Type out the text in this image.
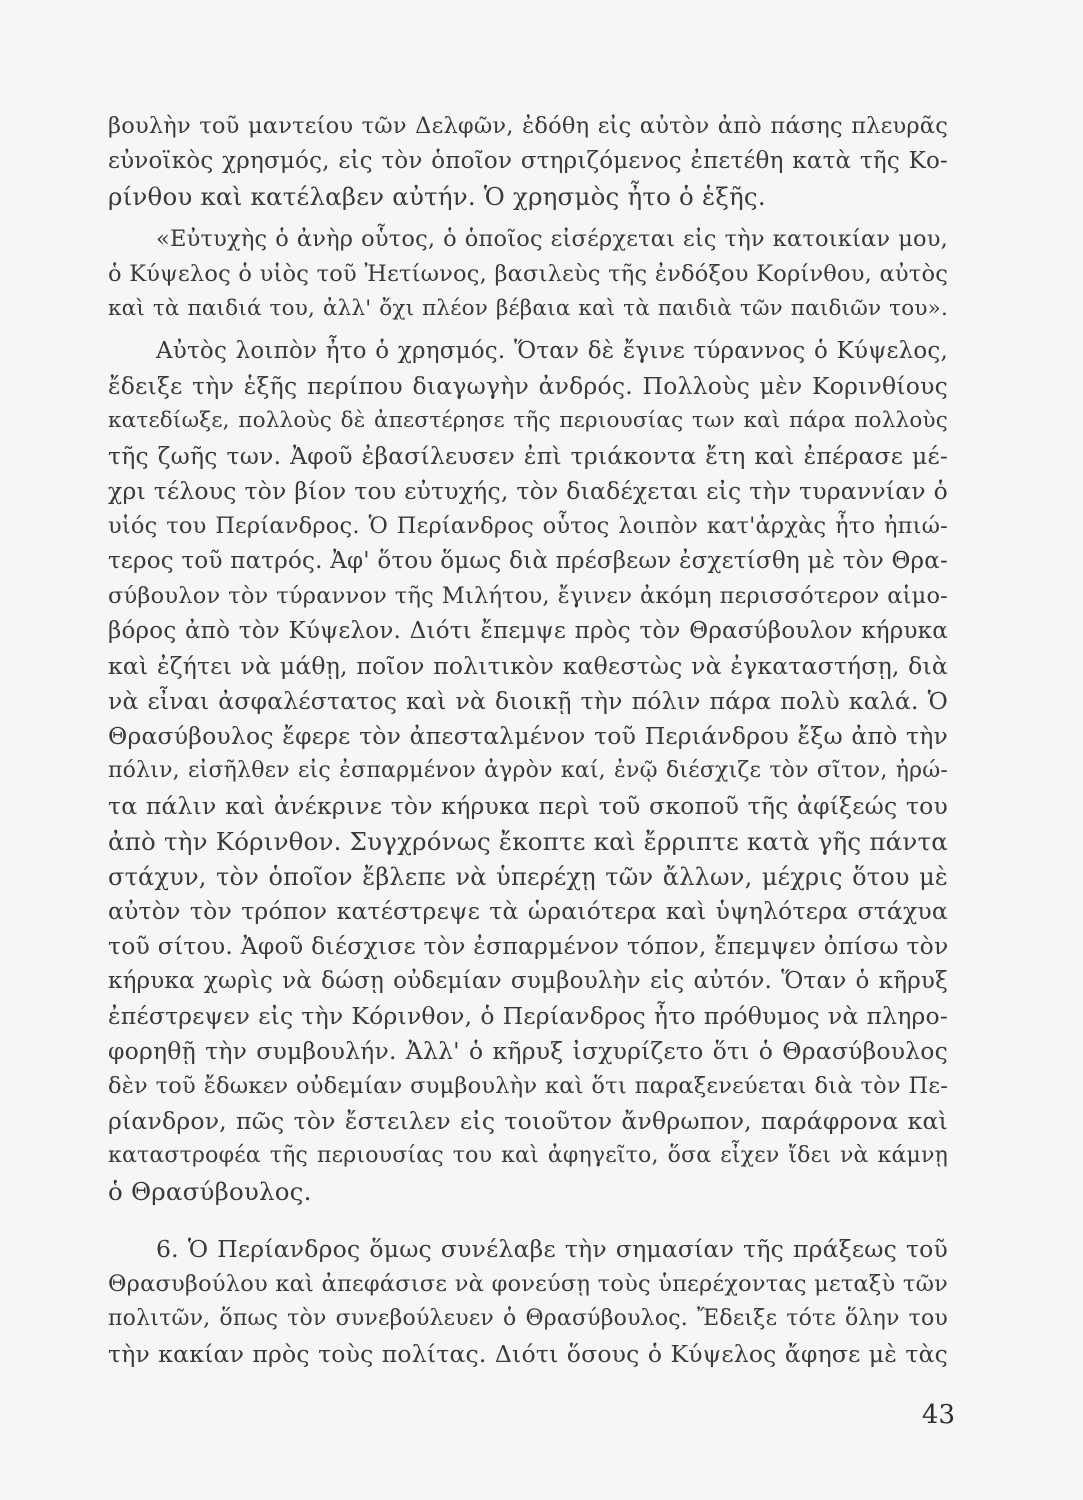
βουλὴν τοῦ μαντείου τῶν Δελφῶν, ἐδόθη εἰς αὐτὸν ἀπὸ πάσης πλευρᾶς
εὐνοϊκὸς χρησμός, εἰς τὸν ὁποῖον στηριζόμενος ἐπετέθη κατὰ τῆς Κο-
ρίνθου καὶ κατέλαβεν αὐτήν. Ὁ χρησμὸς ἦτο ὁ ἑξῆς.
«Εὐτυχὴς ὁ ἀνὴρ οὗτος, ὁ ὁποῖος εἰσέρχεται εἰς τὴν κατοικίαν μου,
ὁ Κύψελος ὁ υἱὸς τοῦ Ἠετίωνος, βασιλεὺς τῆς ἐνδόξου Κορίνθου, αὐτὸς
καὶ τὰ παιδιά του, ἀλλ' ὄχι πλέον βέβαια καὶ τὰ παιδιὰ τῶν παιδιῶν του».
Αὐτὸς λοιπὸν ἦτο ὁ χρησμός. Ὅταν δὲ ἔγινε τύραννος ὁ Κύψελος,
ἔδειξε τὴν ἑξῆς περίπου διαγωγὴν ἀνδρός. Πολλοὺς μὲν Κορινθίους
κατεδίωξε, πολλοὺς δὲ ἀπεστέρησε τῆς περιουσίας των καὶ πάρα πολλοὺς
τῆς ζωῆς των. Ἀφοῦ ἐβασίλευσεν ἐπὶ τριάκοντα ἔτη καὶ ἐπέρασε μέ-
χρι τέλους τὸν βίον του εὐτυχής, τὸν διαδέχεται εἰς τὴν τυραννίαν ὁ
υἱός του Περίανδρος. Ὁ Περίανδρος οὗτος λοιπὸν κατ'ἀρχὰς ἦτο ἠπιώ-
τερος τοῦ πατρός. Ἀφ' ὅτου ὅμως διὰ πρέσβεων ἐσχετίσθη μὲ τὸν Θρα-
σύβουλον τὸν τύραννον τῆς Μιλήτου, ἔγινεν ἀκόμη περισσότερον αἱμο-
βόρος ἀπὸ τὸν Κύψελον. Διότι ἔπεμψε πρὸς τὸν Θρασύβουλον κήρυκα
καὶ ἐζήτει νὰ μάθῃ, ποῖον πολιτικὸν καθεστὼς νὰ ἐγκαταστήσῃ, διὰ
νὰ εἶναι ἀσφαλέστατος καὶ νὰ διοικῇ τὴν πόλιν πάρα πολὺ καλά. Ὁ
Θρασύβουλος ἔφερε τὸν ἀπεσταλμένον τοῦ Περιάνδρου ἔξω ἀπὸ τὴν
πόλιν, εἰσῆλθεν εἰς ἐσπαρμένον ἀγρὸν καί, ἐνῷ διέσχιζε τὸν σῖτον, ἠρώ-
τα πάλιν καὶ ἀνέκρινε τὸν κήρυκα περὶ τοῦ σκοποῦ τῆς ἀφίξεώς του
ἀπὸ τὴν Κόρινθον. Συγχρόνως ἔκοπτε καὶ ἔρριπτε κατὰ γῆς πάντα
στάχυν, τὸν ὁποῖον ἔβλεπε νὰ ὑπερέχῃ τῶν ἄλλων, μέχρις ὅτου μὲ
αὐτὸν τὸν τρόπον κατέστρεψε τὰ ὡραιότερα καὶ ὑψηλότερα στάχυα
τοῦ σίτου. Ἀφοῦ διέσχισε τὸν ἐσπαρμένον τόπον, ἔπεμψεν ὀπίσω τὸν
κήρυκα χωρὶς νὰ δώσῃ οὐδεμίαν συμβουλὴν εἰς αὐτόν. Ὅταν ὁ κῆρυξ
ἐπέστρεψεν εἰς τὴν Κόρινθον, ὁ Περίανδρος ἦτο πρόθυμος νὰ πληρο-
φορηθῇ τὴν συμβουλήν. Ἀλλ' ὁ κῆρυξ ἰσχυρίζετο ὅτι ὁ Θρασύβουλος
δὲν τοῦ ἔδωκεν οὐδεμίαν συμβουλὴν καὶ ὅτι παραξενεύεται διὰ τὸν Πε-
ρίανδρον, πῶς τὸν ἔστειλεν εἰς τοιοῦτον ἄνθρωπον, παράφρονα καὶ
καταστροφέα τῆς περιουσίας του καὶ ἀφηγεῖτο, ὅσα εἶχεν ἴδει νὰ κάμνῃ
ὁ Θρασύβουλος.
6. Ὁ Περίανδρος ὅμως συνέλαβε τὴν σημασίαν τῆς πράξεως τοῦ
Θρασυβούλου καὶ ἀπεφάσισε νὰ φονεύσῃ τοὺς ὑπερέχοντας μεταξὺ τῶν
πολιτῶν, ὅπως τὸν συνεβούλευεν ὁ Θρασύβουλος. Ἔδειξε τότε ὅλην του
τὴν κακίαν πρὸς τοὺς πολίτας. Διότι ὅσους ὁ Κύψελος ἄφησε μὲ τὰς
43
